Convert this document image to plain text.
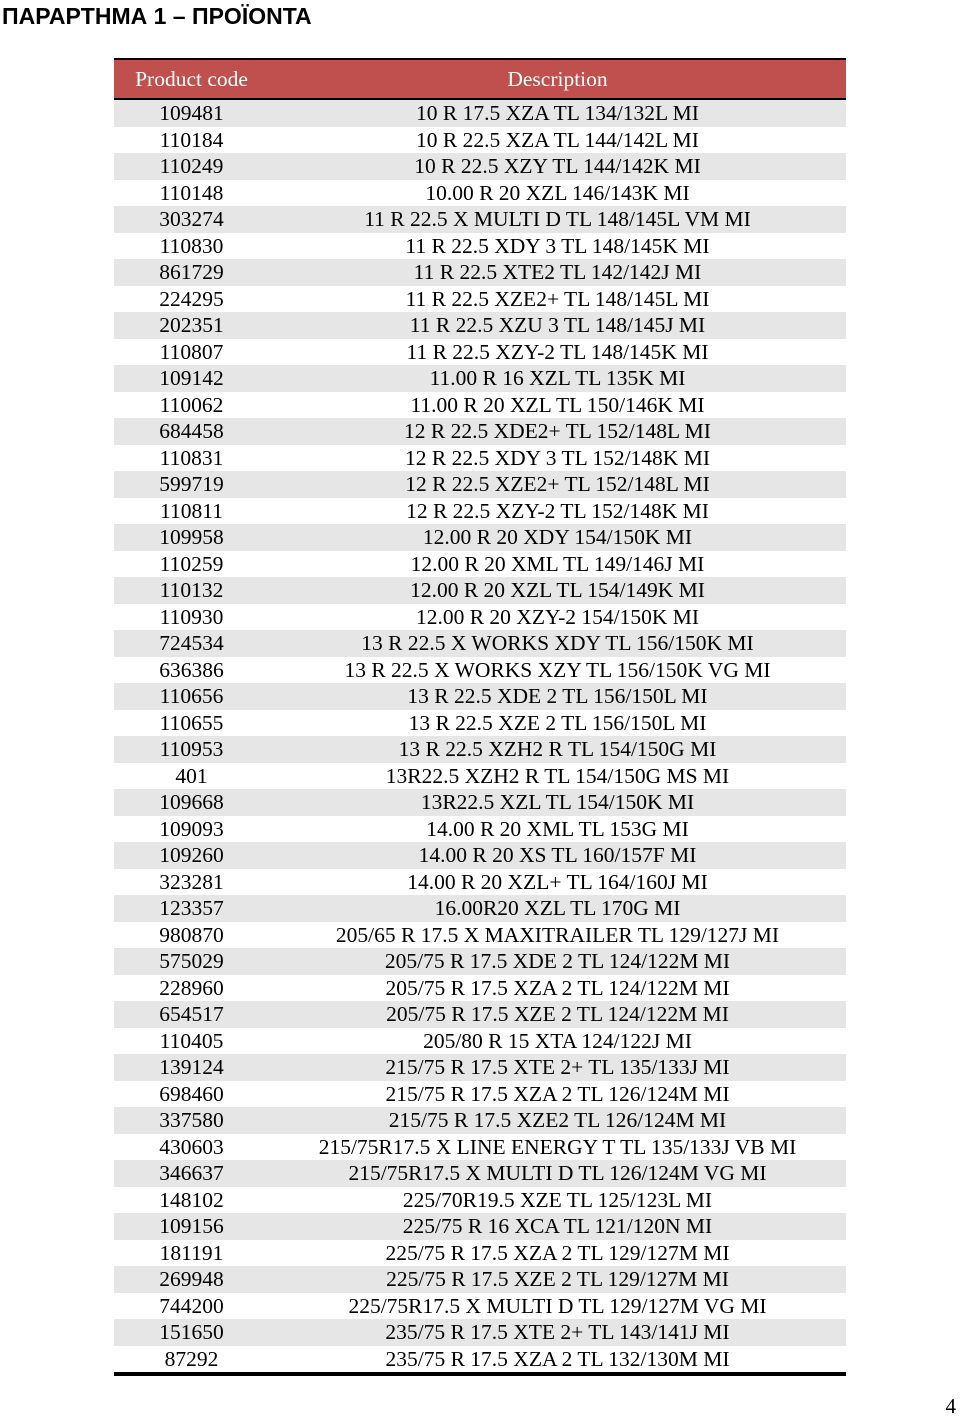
ΠΑΡΑΡΤΗΜΑ 1 – ΠΡΟΪΟΝΤΑ
Product code	Description
109481	10 R 17.5 XZA TL 134/132L MI
110184	10 R 22.5 XZA TL 144/142L MI
110249	10 R 22.5 XZY TL 144/142K MI
110148	10.00 R 20 XZL 146/143K MI
303274	11 R 22.5 X MULTI D TL 148/145L VM MI
110830	11 R 22.5 XDY 3 TL 148/145K MI
861729	11 R 22.5 XTE2 TL 142/142J MI
224295	11 R 22.5 XZE2+ TL 148/145L MI
202351	11 R 22.5 XZU 3 TL 148/145J MI
110807	11 R 22.5 XZY-2 TL 148/145K MI
109142	11.00 R 16 XZL TL 135K MI
110062	11.00 R 20 XZL TL 150/146K MI
684458	12 R 22.5 XDE2+ TL 152/148L MI
110831	12 R 22.5 XDY 3 TL 152/148K MI
599719	12 R 22.5 XZE2+ TL 152/148L MI
110811	12 R 22.5 XZY-2 TL 152/148K MI
109958	12.00 R 20 XDY 154/150K MI
110259	12.00 R 20 XML TL 149/146J MI
110132	12.00 R 20 XZL TL 154/149K MI
110930	12.00 R 20 XZY-2 154/150K MI
724534	13 R 22.5 X WORKS XDY TL 156/150K MI
636386	13 R 22.5 X WORKS XZY TL 156/150K VG MI
110656	13 R 22.5 XDE 2 TL 156/150L MI
110655	13 R 22.5 XZE 2 TL 156/150L MI
110953	13 R 22.5 XZH2 R TL 154/150G MI
401	13R22.5 XZH2 R TL 154/150G MS MI
109668	13R22.5 XZL TL 154/150K MI
109093	14.00 R 20 XML TL 153G MI
109260	14.00 R 20 XS TL 160/157F MI
323281	14.00 R 20 XZL+ TL 164/160J MI
123357	16.00R20 XZL TL 170G MI
980870	205/65 R 17.5 X MAXITRAILER TL 129/127J MI
575029	205/75 R 17.5 XDE 2 TL 124/122M MI
228960	205/75 R 17.5 XZA 2 TL 124/122M MI
654517	205/75 R 17.5 XZE 2 TL 124/122M MI
110405	205/80 R 15 XTA 124/122J MI
139124	215/75 R 17.5 XTE 2+ TL 135/133J MI
698460	215/75 R 17.5 XZA 2 TL 126/124M MI
337580	215/75 R 17.5 XZE2 TL 126/124M MI
430603	215/75R17.5 X LINE ENERGY T TL 135/133J VB MI
346637	215/75R17.5 X MULTI D TL 126/124M VG MI
148102	225/70R19.5 XZE TL 125/123L MI
109156	225/75 R 16 XCA TL 121/120N MI
181191	225/75 R 17.5 XZA 2 TL 129/127M MI
269948	225/75 R 17.5 XZE 2 TL 129/127M MI
744200	225/75R17.5 X MULTI D TL 129/127M VG MI
151650	235/75 R 17.5 XTE 2+ TL 143/141J MI
87292	235/75 R 17.5 XZA 2 TL 132/130M MI
4
